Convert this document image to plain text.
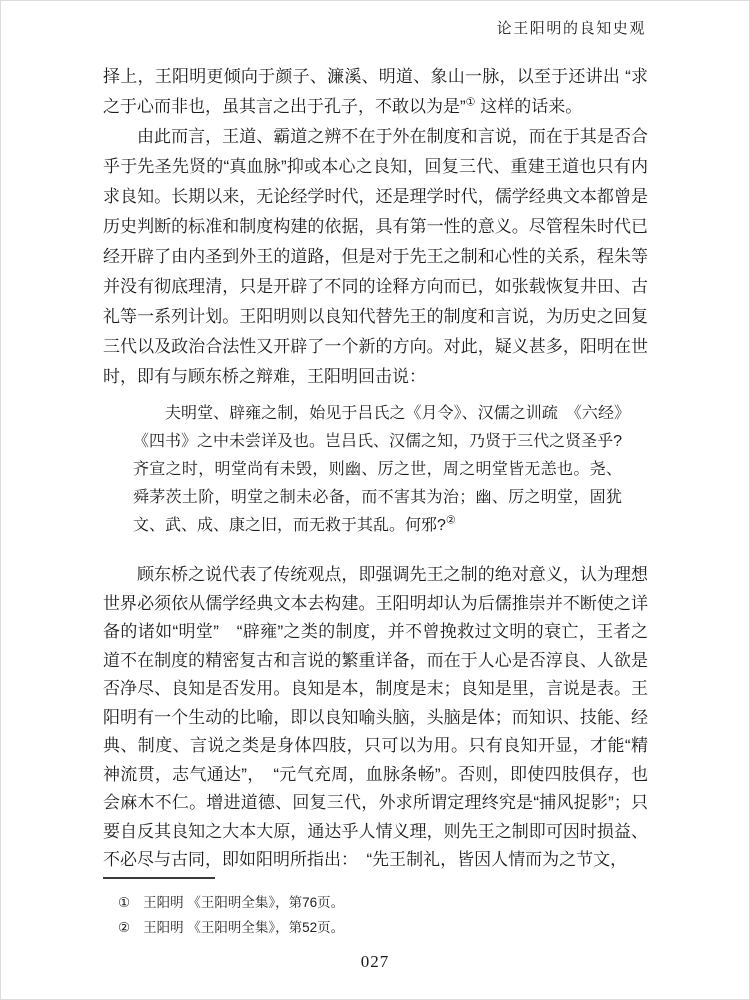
论王阳明的良知史观

择上，王阳明更倾向于颜子、濂溪、明道、象山一脉，以至于还讲出 “求之于心而非也，虽其言之出于孔子，不敢以为是”① 这样的话来。

由此而言，王道、霸道之辨不在于外在制度和言说，而在于其是否合乎于先圣先贤的“真血脉”抑或本心之良知，回复三代、重建王道也只有内求良知。长期以来，无论经学时代，还是理学时代，儒学经典文本都曾是历史判断的标准和制度构建的依据，具有第一性的意义。尽管程朱时代已经开辟了由内圣到外王的道路，但是对于先王之制和心性的关系，程朱等并没有彻底理清，只是开辟了不同的诠释方向而已，如张载恢复井田、古礼等一系列计划。王阳明则以良知代替先王的制度和言说，为历史之回复三代以及政治合法性又开辟了一个新的方向。对此，疑义甚多，阳明在世时，即有与顾东桥之辩难，王阳明回击说：

夫明堂、辟雍之制，始见于吕氏之《月令》、汉儒之训疏　《六经》《四书》之中未尝详及也。岂吕氏、汉儒之知，乃贤于三代之贤圣乎? 齐宣之时，明堂尚有未毁，则幽、厉之世，周之明堂皆无恙也。尧、舜茅茨土阶，明堂之制未必备，而不害其为治；幽、厉之明堂，固犹文、武、成、康之旧，而无救于其乱。何邪?②

顾东桥之说代表了传统观点，即强调先王之制的绝对意义，认为理想世界必须依从儒学经典文本去构建。王阳明却认为后儒推崇并不断使之详备的诸如“明堂”　“辟雍”之类的制度，并不曾挽救过文明的衰亡，王者之道不在制度的精密复古和言说的繁重详备，而在于人心是否淳良、人欲是否净尽、良知是否发用。良知是本，制度是末；良知是里，言说是表。王阳明有一个生动的比喻，即以良知喻头脑，头脑是体；而知识、技能、经典、制度、言说之类是身体四肢，只可以为用。只有良知开显，才能“精神流贯，志气通达”，　“元气充周，血脉条畅”。否则，即使四肢俱存，也会麻木不仁。增进道德、回复三代，外求所谓定理终究是“捕风捉影”；只要自反其良知之大本大原，通达乎人情义理，则先王之制即可因时损益、不必尽与古同，即如阳明所指出：　“先王制礼，皆因人情而为之节文，

① 王阳明 《王阳明全集》，第76页。
② 王阳明 《王阳明全集》，第52页。
027
